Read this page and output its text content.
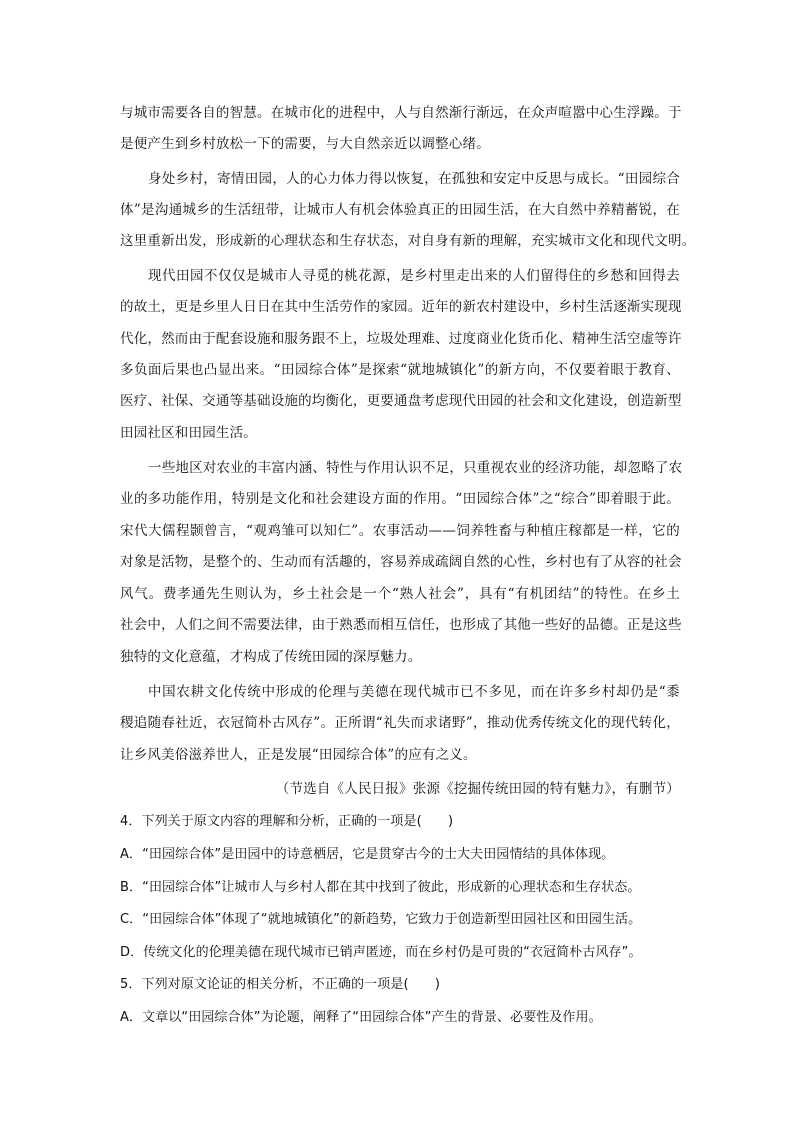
与城市需要各自的智慧。在城市化的进程中，人与自然渐行渐远，在众声喧嚣中心生浮躁。于
是便产生到乡村放松一下的需要，与大自然亲近以调整心绪。
身处乡村，寄情田园，人的心力体力得以恢复，在孤独和安定中反思与成长。“田园综合
体”是沟通城乡的生活纽带，让城市人有机会体验真正的田园生活，在大自然中养精蓄锐，在
这里重新出发，形成新的心理状态和生存状态，对自身有新的理解，充实城市文化和现代文明。
现代田园不仅仅是城市人寻觅的桃花源，是乡村里走出来的人们留得住的乡愁和回得去
的故土，更是乡里人日日在其中生活劳作的家园。近年的新农村建设中，乡村生活逐渐实现现
代化，然而由于配套设施和服务跟不上，垃圾处理难、过度商业化货币化、精神生活空虚等许
多负面后果也凸显出来。“田园综合体”是探索“就地城镇化”的新方向，不仅要着眼于教育、
医疗、社保、交通等基础设施的均衡化，更要通盘考虑现代田园的社会和文化建设，创造新型
田园社区和田园生活。
一些地区对农业的丰富内涵、特性与作用认识不足，只重视农业的经济功能，却忽略了农
业的多功能作用，特别是文化和社会建设方面的作用。“田园综合体”之“综合”即着眼于此。
宋代大儒程颢曾言，“观鸡雏可以知仁”。农事活动——饲养牲畜与种植庄稼都是一样，它的
对象是活物，是整个的、生动而有活趣的，容易养成疏阔自然的心性，乡村也有了从容的社会
风气。费孝通先生则认为，乡土社会是一个“熟人社会”，具有“有机团结”的特性。在乡土
社会中，人们之间不需要法律，由于熟悉而相互信任，也形成了其他一些好的品德。正是这些
独特的文化意蕴，才构成了传统田园的深厚魅力。
中国农耕文化传统中形成的伦理与美德在现代城市已不多见，而在许多乡村却仍是“黍
稷追随春社近，衣冠简朴古风存”。正所谓“礼失而求诸野”，推动优秀传统文化的现代转化，
让乡风美俗滋养世人，正是发展“田园综合体”的应有之义。
（节选自《人民日报》张源《挖掘传统田园的特有魅力》，有删节）
4．下列关于原文内容的理解和分析，正确的一项是(　　)
A．“田园综合体”是田园中的诗意栖居，它是贯穿古今的士大夫田园情结的具体体现。
B．“田园综合体”让城市人与乡村人都在其中找到了彼此，形成新的心理状态和生存状态。
C．“田园综合体”体现了“就地城镇化”的新趋势，它致力于创造新型田园社区和田园生活。
D．传统文化的伦理美德在现代城市已销声匿迹，而在乡村仍是可贵的“衣冠简朴古风存”。
5．下列对原文论证的相关分析，不正确的一项是(　　)
A．文章以“田园综合体”为论题，阐释了“田园综合体”产生的背景、必要性及作用。
